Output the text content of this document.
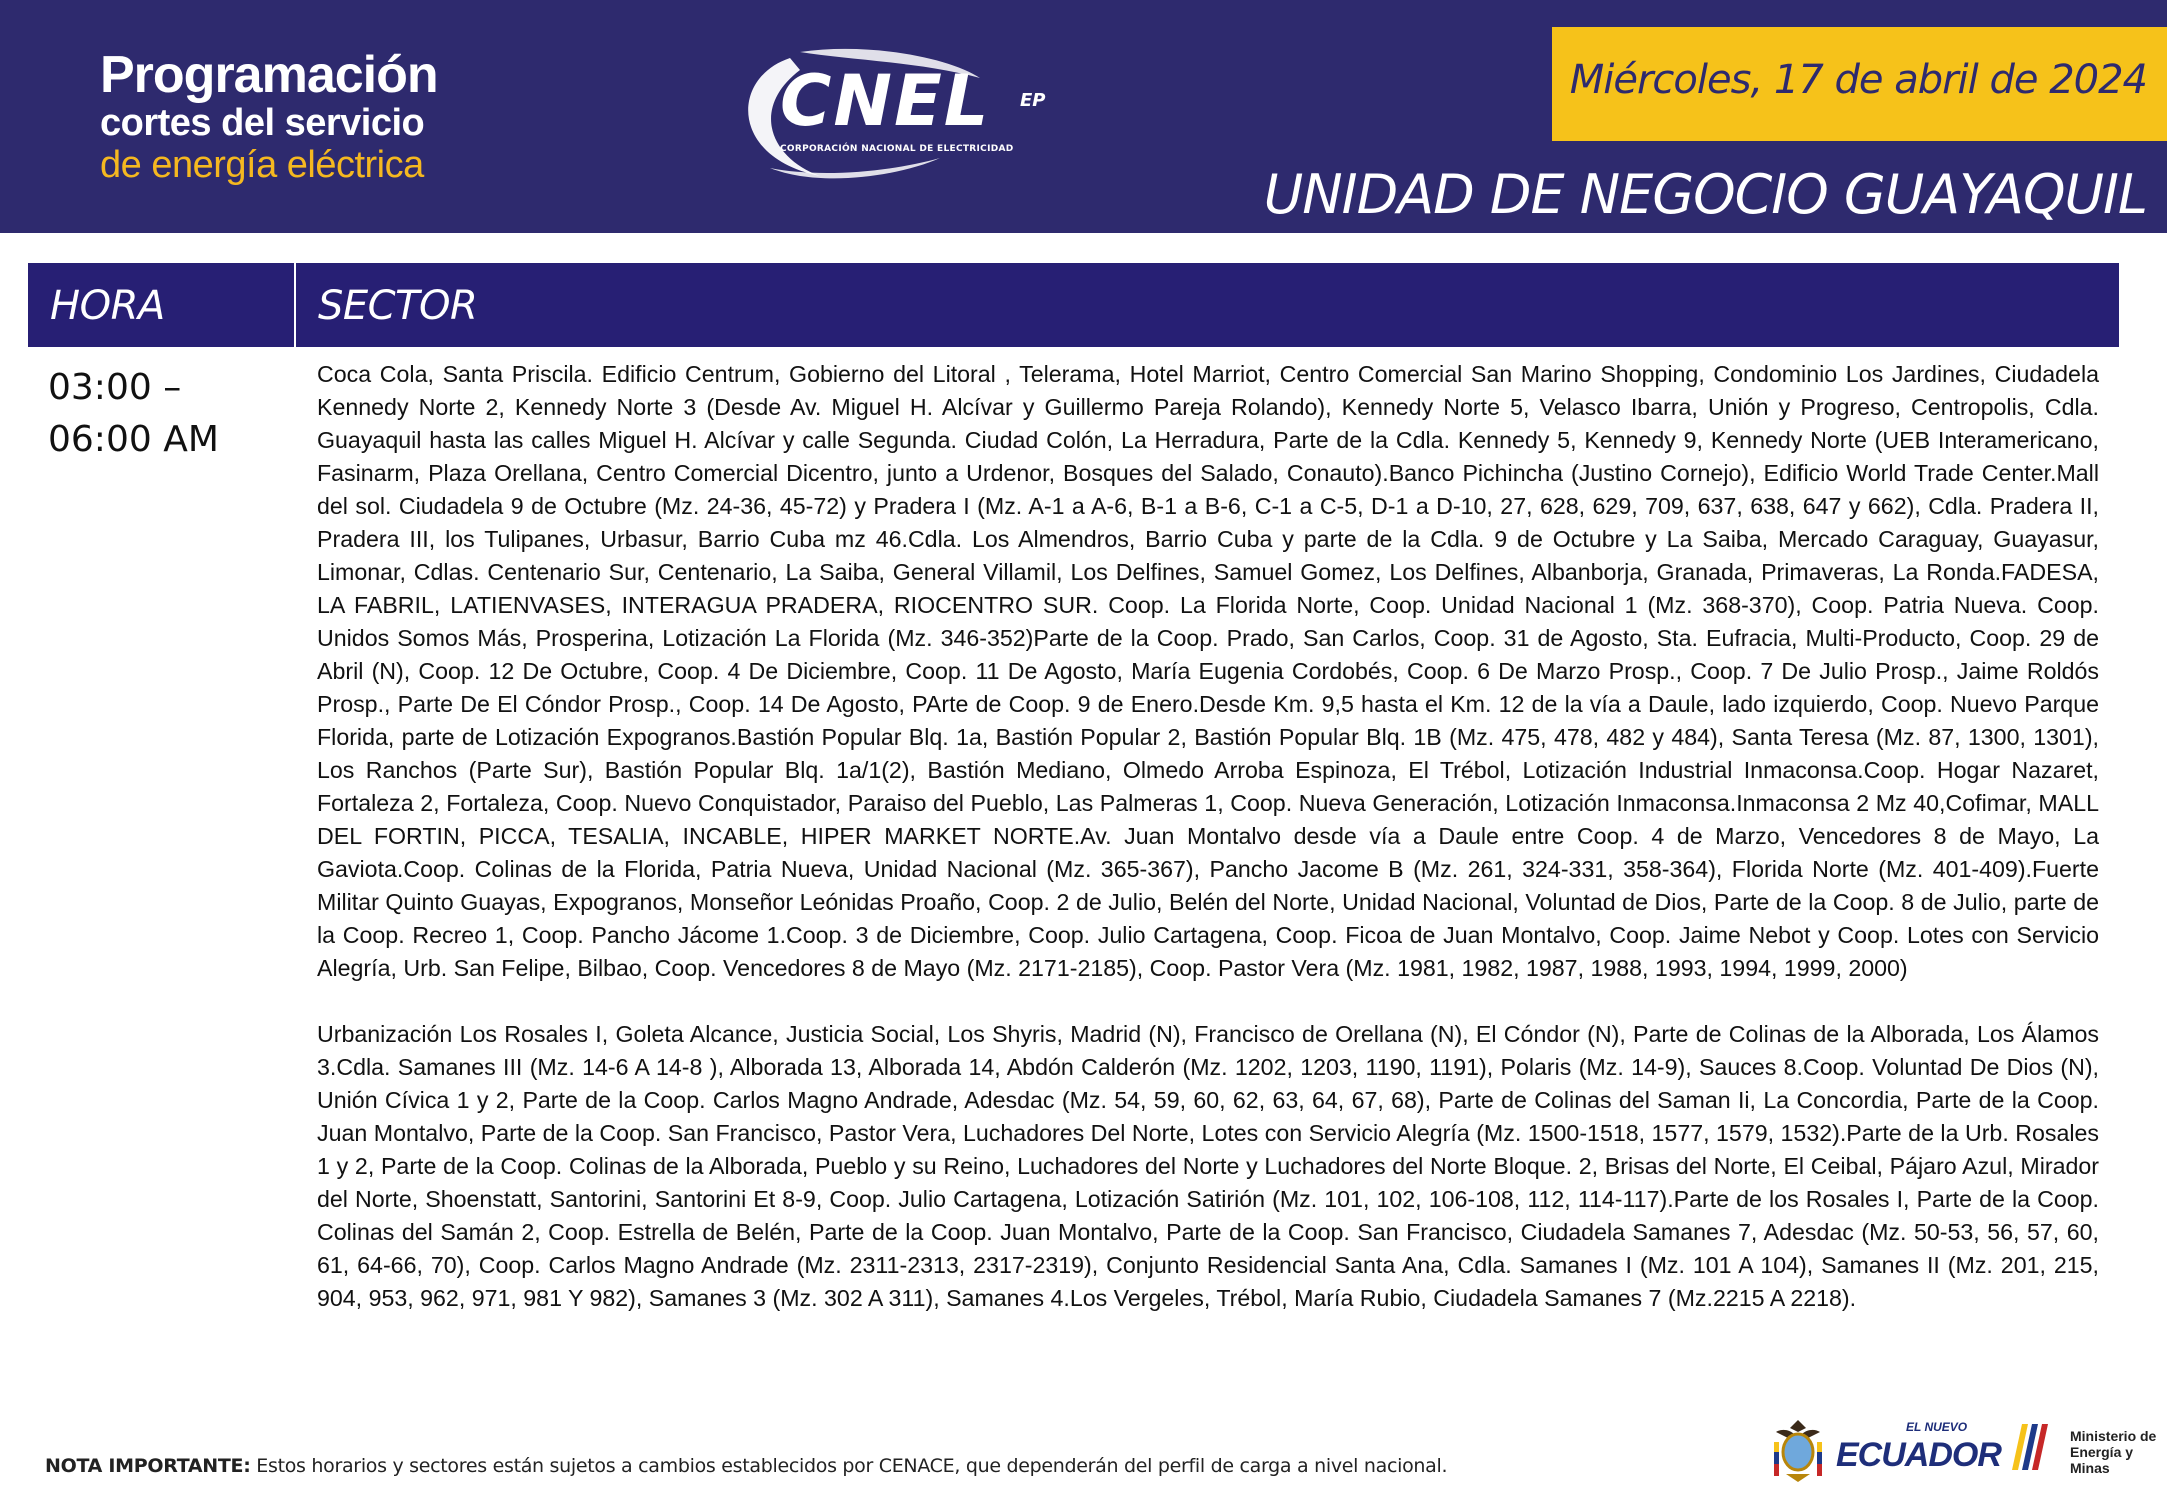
Programación
cortes del servicio
de energía eléctrica
CNEL EP
CORPORACIÓN NACIONAL DE ELECTRICIDAD
Miércoles, 17 de abril de 2024
UNIDAD DE NEGOCIO GUAYAQUIL
HORA	SECTOR
03:00 –
06:00 AM

Coca Cola, Santa Priscila. Edificio Centrum, Gobierno del Litoral , Telerama, Hotel Marriot, Centro Comercial San Marino Shopping, Condominio Los Jardines, Ciudadela Kennedy Norte 2, Kennedy Norte 3 (Desde Av. Miguel H. Alcívar y Guillermo Pareja Rolando), Kennedy Norte 5, Velasco Ibarra, Unión y Progreso, Centropolis, Cdla. Guayaquil hasta las calles Miguel H. Alcívar y calle Segunda. Ciudad Colón, La Herradura, Parte de la Cdla. Kennedy 5, Kennedy 9, Kennedy Norte (UEB Interamericano, Fasinarm, Plaza Orellana, Centro Comercial Dicentro, junto a Urdenor, Bosques del Salado, Conauto).Banco Pichincha (Justino Cornejo), Edificio World Trade Center.Mall del sol. Ciudadela 9 de Octubre (Mz. 24-36, 45-72) y Pradera I (Mz. A-1 a A-6, B-1 a B-6, C-1 a C-5, D-1 a D-10, 27, 628, 629, 709, 637, 638, 647 y 662), Cdla. Pradera II, Pradera III, los Tulipanes, Urbasur, Barrio Cuba mz 46.Cdla. Los Almendros, Barrio Cuba y parte de la Cdla. 9 de Octubre y La Saiba, Mercado Caraguay, Guayasur, Limonar, Cdlas. Centenario Sur, Centenario, La Saiba, General Villamil, Los Delfines, Samuel Gomez, Los Delfines, Albanborja, Granada, Primaveras, La Ronda.FADESA, LA FABRIL, LATIENVASES, INTERAGUA PRADERA, RIOCENTRO SUR. Coop. La Florida Norte, Coop. Unidad Nacional 1 (Mz. 368-370), Coop. Patria Nueva. Coop. Unidos Somos Más, Prosperina, Lotización La Florida (Mz. 346-352)Parte de la Coop. Prado, San Carlos, Coop. 31 de Agosto, Sta. Eufracia, Multi-Producto, Coop. 29 de Abril (N), Coop. 12 De Octubre, Coop. 4 De Diciembre, Coop. 11 De Agosto, María Eugenia Cordobés, Coop. 6 De Marzo Prosp., Coop. 7 De Julio Prosp., Jaime Roldós Prosp., Parte De El Cóndor Prosp., Coop. 14 De Agosto, PArte de Coop. 9 de Enero.Desde Km. 9,5 hasta el Km. 12 de la vía a Daule, lado izquierdo, Coop. Nuevo Parque Florida, parte de Lotización Expogranos.Bastión Popular Blq. 1a, Bastión Popular 2, Bastión Popular Blq. 1B (Mz. 475, 478, 482 y 484), Santa Teresa (Mz. 87, 1300, 1301), Los Ranchos (Parte Sur), Bastión Popular Blq. 1a/1(2), Bastión Mediano, Olmedo Arroba Espinoza, El Trébol, Lotización Industrial Inmaconsa.Coop. Hogar Nazaret, Fortaleza 2, Fortaleza, Coop. Nuevo Conquistador, Paraiso del Pueblo, Las Palmeras 1, Coop. Nueva Generación, Lotización Inmaconsa.Inmaconsa 2 Mz 40,Cofimar, MALL DEL FORTIN, PICCA, TESALIA, INCABLE, HIPER MARKET NORTE.Av. Juan Montalvo desde vía a Daule entre Coop. 4 de Marzo, Vencedores 8 de Mayo, La Gaviota.Coop. Colinas de la Florida, Patria Nueva, Unidad Nacional (Mz. 365-367), Pancho Jacome B (Mz. 261, 324-331, 358-364), Florida Norte (Mz. 401-409).Fuerte Militar Quinto Guayas, Expogranos, Monseñor Leónidas Proaño, Coop. 2 de Julio, Belén del Norte, Unidad Nacional, Voluntad de Dios, Parte de la Coop. 8 de Julio, parte de la Coop. Recreo 1, Coop. Pancho Jácome 1.Coop. 3 de Diciembre, Coop. Julio Cartagena, Coop. Ficoa de Juan Montalvo, Coop. Jaime Nebot y Coop. Lotes con Servicio Alegría, Urb. San Felipe, Bilbao, Coop. Vencedores 8 de Mayo (Mz. 2171-2185), Coop. Pastor Vera (Mz. 1981, 1982, 1987, 1988, 1993, 1994, 1999, 2000)

Urbanización Los Rosales I, Goleta Alcance, Justicia Social, Los Shyris, Madrid (N), Francisco de Orellana (N), El Cóndor (N), Parte de Colinas de la Alborada, Los Álamos 3.Cdla. Samanes III (Mz. 14-6 A 14-8 ), Alborada 13, Alborada 14, Abdón Calderón (Mz. 1202, 1203, 1190, 1191), Polaris (Mz. 14-9), Sauces 8.Coop. Voluntad De Dios (N), Unión Cívica 1 y 2, Parte de la Coop. Carlos Magno Andrade, Adesdac (Mz. 54, 59, 60, 62, 63, 64, 67, 68), Parte de Colinas del Saman Ii, La Concordia, Parte de la Coop. Juan Montalvo, Parte de la Coop. San Francisco, Pastor Vera, Luchadores Del Norte, Lotes con Servicio Alegría (Mz. 1500-1518, 1577, 1579, 1532).Parte de la Urb. Rosales 1 y 2, Parte de la Coop. Colinas de la Alborada, Pueblo y su Reino, Luchadores del Norte y Luchadores del Norte Bloque. 2, Brisas del Norte, El Ceibal, Pájaro Azul, Mirador del Norte, Shoenstatt, Santorini, Santorini Et 8-9, Coop. Julio Cartagena, Lotización Satirión (Mz. 101, 102, 106-108, 112, 114-117).Parte de los Rosales I, Parte de la Coop. Colinas del Samán 2, Coop. Estrella de Belén, Parte de la Coop. Juan Montalvo, Parte de la Coop. San Francisco, Ciudadela Samanes 7, Adesdac (Mz. 50-53, 56, 57, 60, 61, 64-66, 70), Coop. Carlos Magno Andrade (Mz. 2311-2313, 2317-2319), Conjunto Residencial Santa Ana, Cdla. Samanes I (Mz. 101 A 104), Samanes II (Mz. 201, 215, 904, 953, 962, 971, 981 Y 982), Samanes 3 (Mz. 302 A 311), Samanes 4.Los Vergeles, Trébol, María Rubio, Ciudadela Samanes 7 (Mz.2215 A 2218).

NOTA IMPORTANTE: Estos horarios y sectores están sujetos a cambios establecidos por CENACE, que dependerán del perfil de carga a nivel nacional.
EL NUEVO
ECUADOR	Ministerio de
Energía y Minas
